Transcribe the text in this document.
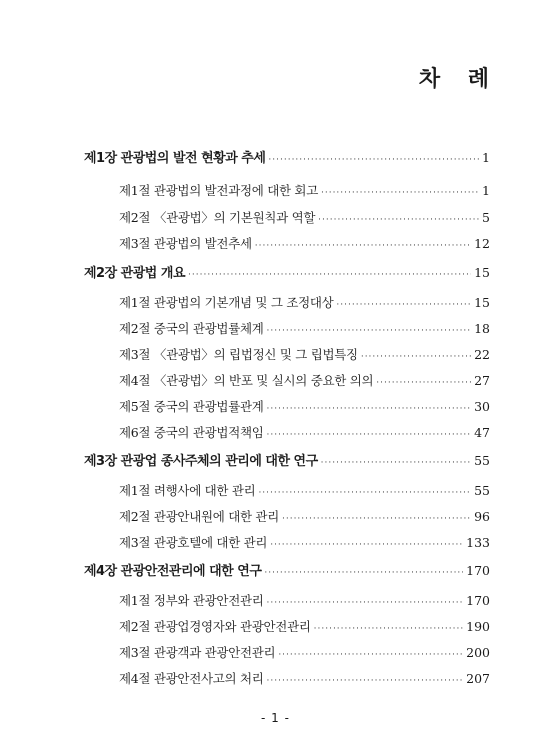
차 례
제1장 관광법의 발전 현황과 추세 ·····	1
제1절 관광법의 발전과정에 대한 회고 ·····	1
제2절 〈관광법〉의 기본원칙과 역할 ·····	5
제3절 관광법의 발전추세 ·····	12
제2장 관광법 개요 ·····	15
제1절 관광법의 기본개념 및 그 조정대상 ·····	15
제2절 중국의 관광법률체계 ·····	18
제3절 〈관광법〉의 립법정신 및 그 립법특징 ·····	22
제4절 〈관광법〉의 반포 및 실시의 중요한 의의 ·····	27
제5절 중국의 관광법률관계 ·····	30
제6절 중국의 관광법적책임 ·····	47
제3장 관광업 종사주체의 관리에 대한 연구 ·····	55
제1절 려행사에 대한 관리 ·····	55
제2절 관광안내원에 대한 관리 ·····	96
제3절 관광호텔에 대한 관리 ·····	133
제4장 관광안전관리에 대한 연구 ·····	170
제1절 정부와 관광안전관리 ·····	170
제2절 관광업경영자와 관광안전관리 ·····	190
제3절 관광객과 관광안전관리 ·····	200
제4절 관광안전사고의 처리 ·····	207
- 1 -
